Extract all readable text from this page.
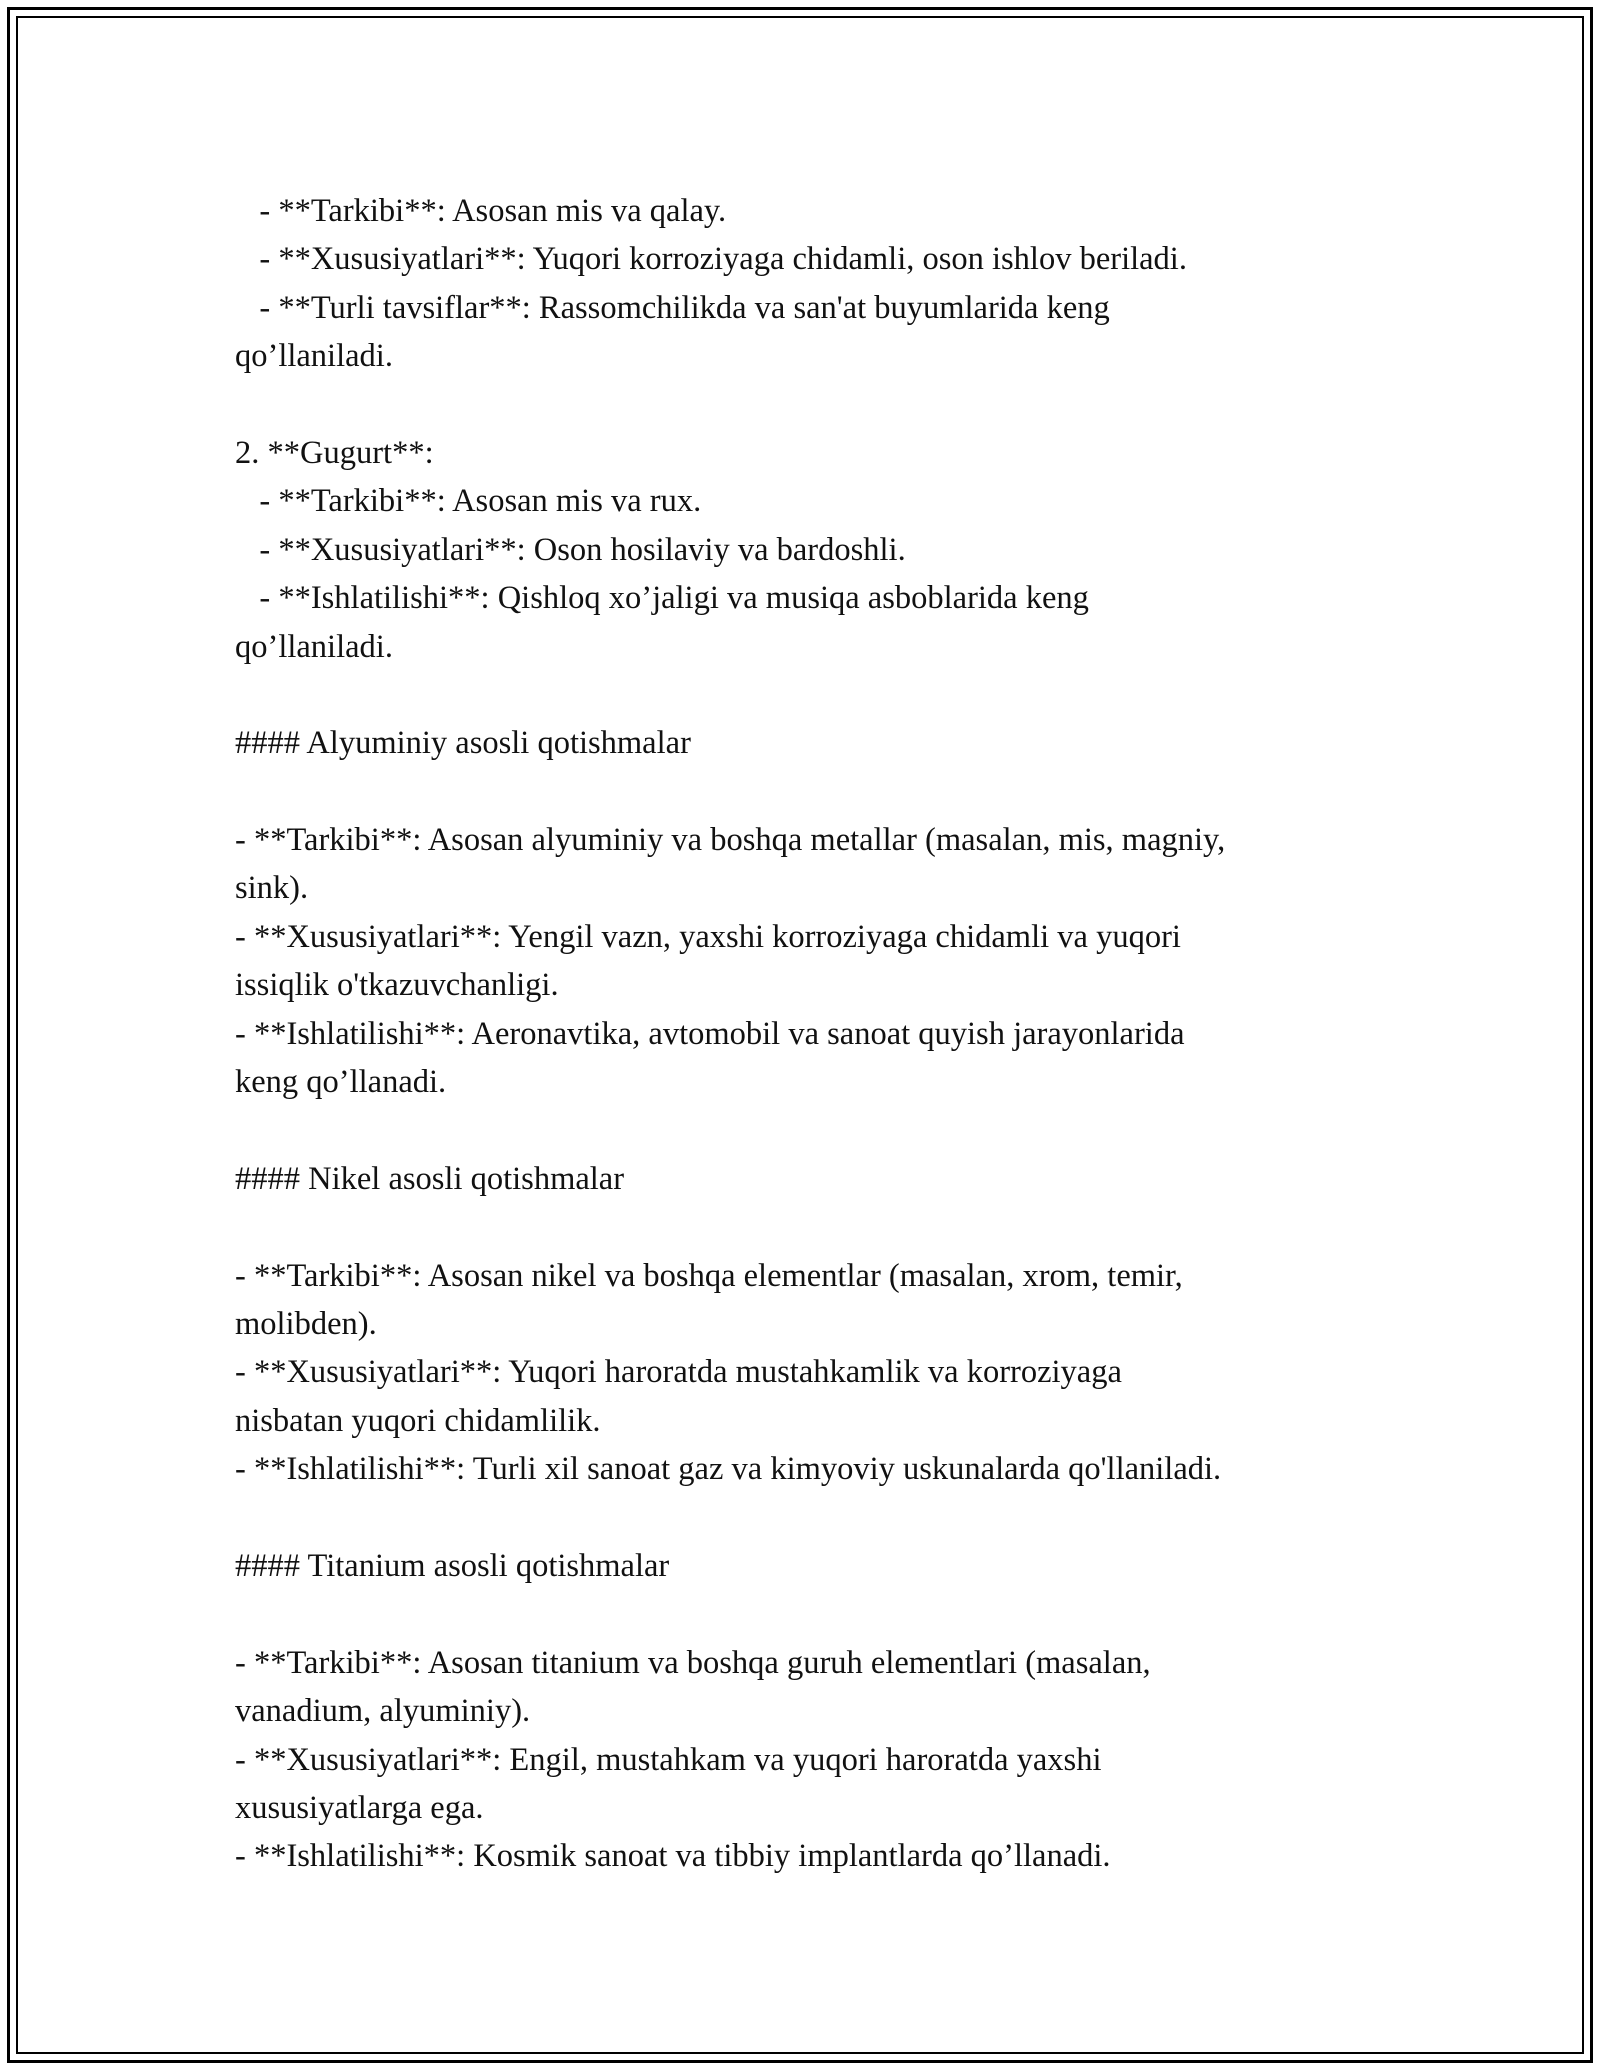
- **Tarkibi**: Asosan mis va qalay.
- **Xususiyatlari**: Yuqori korroziyaga chidamli, oson ishlov beriladi.
- **Turli tavsiflar**: Rassomchilikda va san'at buyumlarida keng
qo’llaniladi.
2. **Gugurt**:
- **Tarkibi**: Asosan mis va rux.
- **Xususiyatlari**: Oson hosilaviy va bardoshli.
- **Ishlatilishi**: Qishloq xo’jaligi va musiqa asboblarida keng
qo’llaniladi.
#### Alyuminiy asosli qotishmalar
- **Tarkibi**: Asosan alyuminiy va boshqa metallar (masalan, mis, magniy,
sink).
- **Xususiyatlari**: Yengil vazn, yaxshi korroziyaga chidamli va yuqori
issiqlik o'tkazuvchanligi.
- **Ishlatilishi**: Aeronavtika, avtomobil va sanoat quyish jarayonlarida
keng qo’llanadi.
#### Nikel asosli qotishmalar
- **Tarkibi**: Asosan nikel va boshqa elementlar (masalan, xrom, temir,
molibden).
- **Xususiyatlari**: Yuqori haroratda mustahkamlik va korroziyaga
nisbatan yuqori chidamlilik.
- **Ishlatilishi**: Turli xil sanoat gaz va kimyoviy uskunalarda qo'llaniladi.
#### Titanium asosli qotishmalar
- **Tarkibi**: Asosan titanium va boshqa guruh elementlari (masalan,
vanadium, alyuminiy).
- **Xususiyatlari**: Engil, mustahkam va yuqori haroratda yaxshi
xususiyatlarga ega.
- **Ishlatilishi**: Kosmik sanoat va tibbiy implantlarda qo’llanadi.
